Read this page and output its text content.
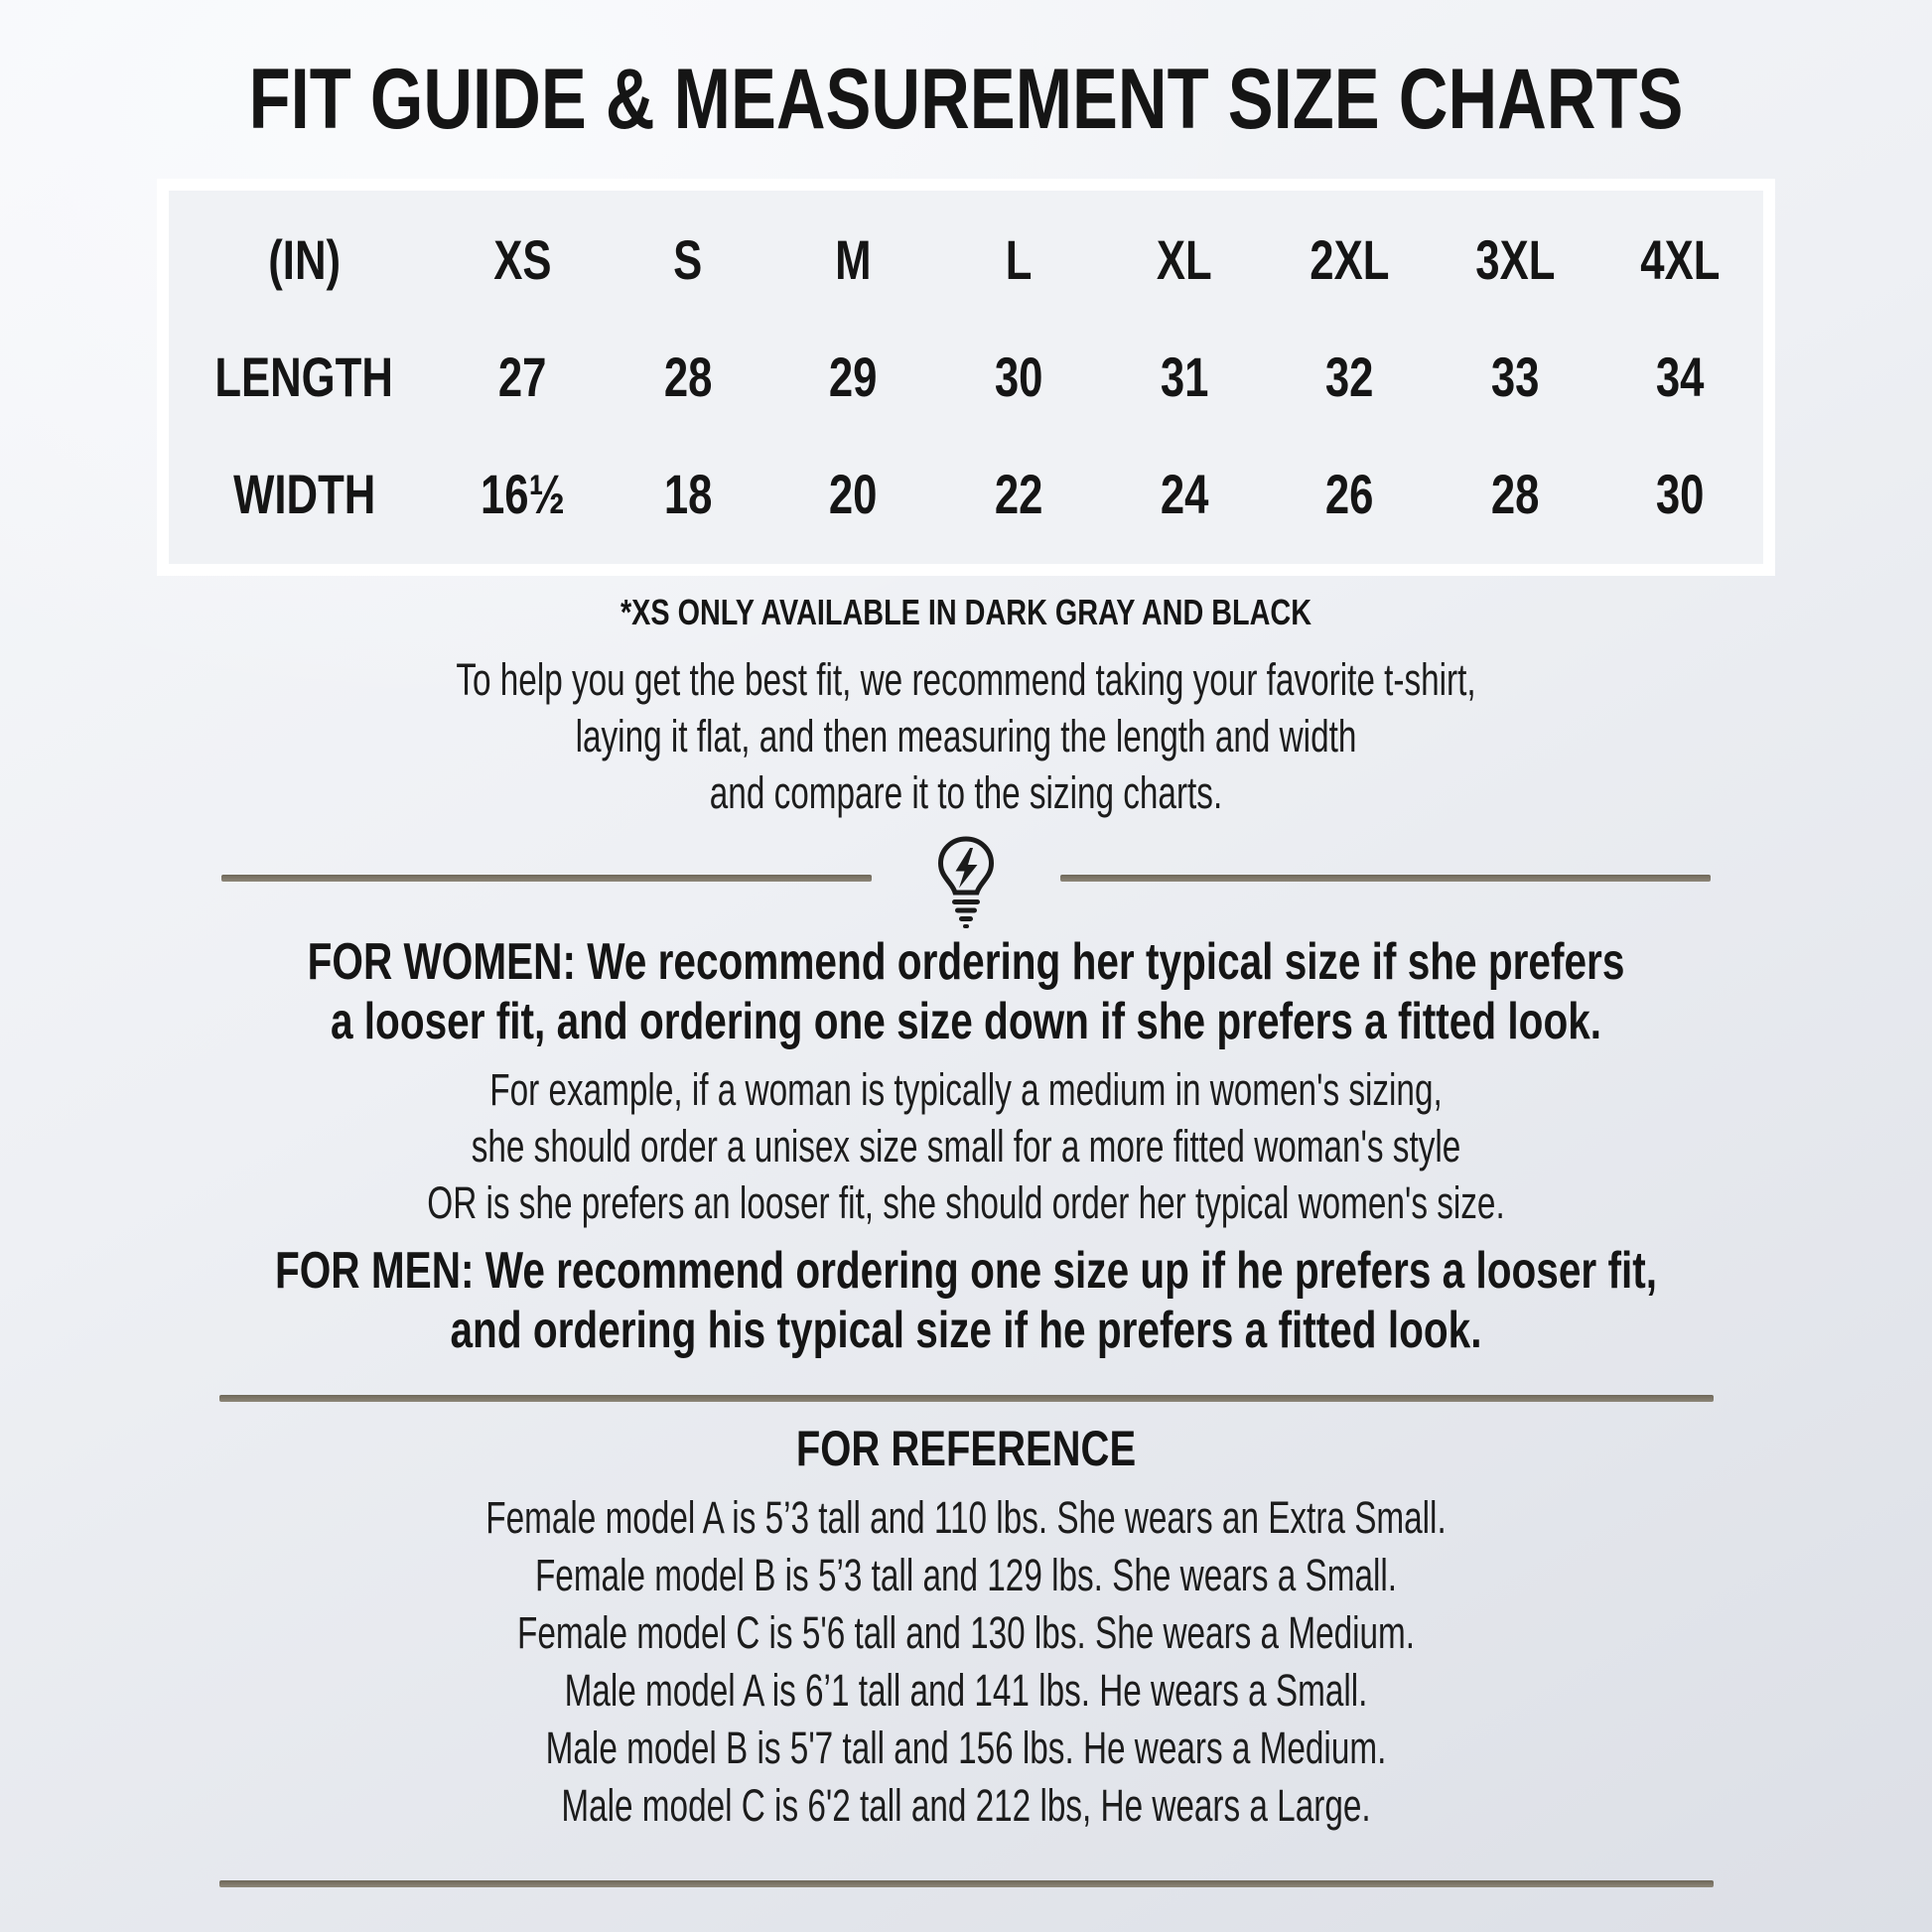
FIT GUIDE & MEASUREMENT SIZE CHARTS
(IN)	XS	S	M	L	XL	2XL	3XL	4XL
LENGTH	27	28	29	30	31	32	33	34
WIDTH	16½	18	20	22	24	26	28	30
*XS ONLY AVAILABLE IN DARK GRAY AND BLACK
To help you get the best fit, we recommend taking your favorite t-shirt,
laying it flat, and then measuring the length and width
and compare it to the sizing charts.
FOR WOMEN: We recommend ordering her typical size if she prefers
a looser fit, and ordering one size down if she prefers a fitted look.
For example, if a woman is typically a medium in women's sizing,
she should order a unisex size small for a more fitted woman's style
OR is she prefers an looser fit, she should order her typical women's size.
FOR MEN: We recommend ordering one size up if he prefers a looser fit,
and ordering his typical size if he prefers a fitted look.
FOR REFERENCE
Female model A is 5’3 tall and 110 lbs. She wears an Extra Small.
Female model B is 5’3 tall and 129 lbs. She wears a Small.
Female model C is 5'6 tall and 130 lbs. She wears a Medium.
Male model A is 6’1 tall and 141 lbs. He wears a Small.
Male model B is 5'7 tall and 156 lbs. He wears a Medium.
Male model C is 6'2 tall and 212 lbs, He wears a Large.
